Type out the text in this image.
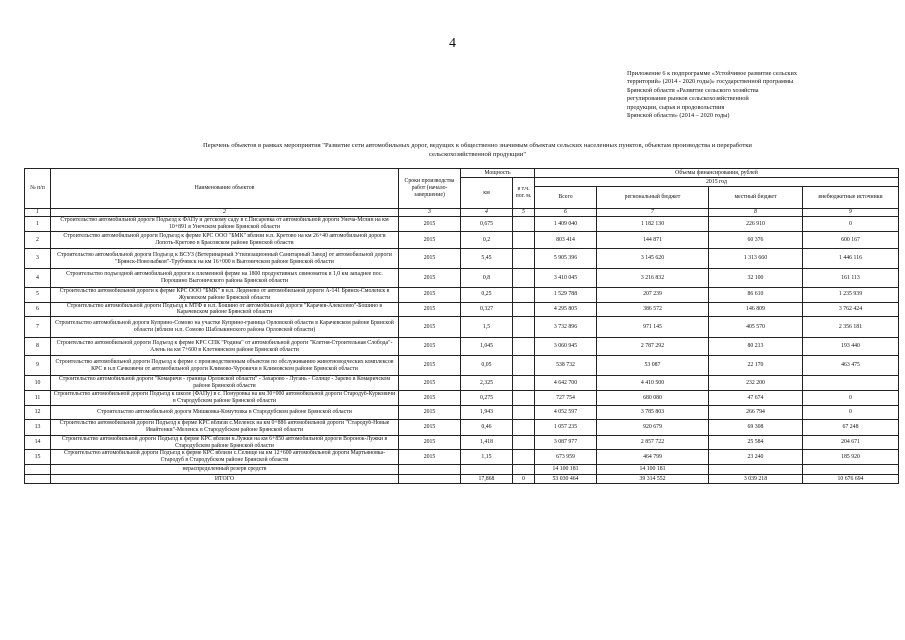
4
Приложение 6 к подпрограмме «Устойчивое развитие сельских
территорий» (2014 - 2020 годы)» государственной программы
Брянской области «Развитие сельского хозяйства
регулирование рынков сельскохозяйственной
продукции, сырья и продовольствия
Брянской области» (2014 – 2020 годы)
Перечень объектов в рамках мероприятия "Развитие сети автомобильных дорог, ведущих к общественно значимым объектам сельских населенных пунктов, объектам производства и переработки
сельскохозяйственной продукции"
№ п/п	Наименование объектов	Сроки производства работ (начало-завершение)	Мощность		Объемы финансирования, рублей			
			км	в т.ч. пог. м.	2015 год			
					Всего	региональный бюджет	местный бюджет	внебюджетные источники
1	2	3	4	5	6	7	8	9
1	Строительство автомобильной дороги Подъезд к ФАПу и детскому саду в с.Писаревка от автомобильной дороги Унеча-Мглин на км 10+891 в Унечском районе Брянской области	2015	0,675		1 409 040	1 182 130	226 910	0
2	Строительство автомобильной дороги Подъезд к ферме КРС ООО "БМК" вблизи н.п. Кретово на км 26+40 автомобильной дороги Лопоть-Кретово в Брасовском районе Брянской области	2015	0,2		803 414	144 871	60 376	600 167
3	Строительство автомобильной дороги Подъезд к ВСУЗ (Ветеринарный Утилизационный Санитарный Завод) от автомобильной дороги "Брянск-Новозыбков"-Трубчевск на км 16+000 в Выгоничском районе Брянской области	2015	5,45		5 905 396	3 145 620	1 313 660	1 446 116
4	Строительство подъездной автомобильной дороги к племенной ферме на 1800 продуктивных свиноматок в 1,0 км западнее пос. Порошино Выгоничского района Брянской области	2015	0,8		3 410 045	3 216 832	32 100	161 113
5	Строительство автомобильной дороги к ферме КРС ООО "БМК" в н.п. Леденево от автомобильной дороги А-141 Брянск-Смоленск в Жуковском районе Брянской области	2015	0,25		1 529 788	207 239	86 610	1 235 939
6	Строительство автомобильной дороги Подъезд к МТФ в н.п. Бошино от автомобильной дороги "Карачев-Алексеево"-Бошино в Карачевском районе Брянской области	2015	0,327		4 295 805	386 572	146 809	3 762 424
7	Строительство автомобильной дороги Куприно-Сомово на участке Куприно-граница Орловской области в Карачевском районе Брянской области (вблизи н.п. Сомово Шаблыкинского района Орловской области)	2015	1,5		3 732 896	971 145	405 570	2 356 181
8	Строительство автомобильной дороги Подъезд к ферме КРС СПК "Родина" от автомобильной дороги "Клетня-Строительная Слобода"-Алень на км 7+600 в Клетнянском районе Брянской области	2015	1,045		3 060 945	2 787 292	80 213	193 440
9	Строительство автомобильной дороги Подъезд к ферме с производственным объектом по обслуживанию животноводческих комплексов КРС в н.п Сачковичи от автомобильной дороги Климово-Чуровичи в Климовском районе Брянской области	2015	0,05		538 732	53 087	22 170	463 475
10	Строительство автомобильной дороги "Комаричи - граница Орловской области" - Захарово - Лугань - Солнце - Зарево в Комаричском районе Брянской области	2015	2,325		4 642 700	4 410 500	232 200	
11	Строительство автомобильной дороги Подъезд к школе (ФАПу) в с. Понуровка на км 30+000 автомобильной дороги Стародуб-Курковичи в Стародубском районе Брянской области	2015	0,275		727 754	680 080	47 674	0
12	Строительство автомобильной дороги Мишковка-Комутовка в Стародубском районе Брянской области	2015	1,943		4 052 597	3 785 803	266 794	0
13	Строительство автомобильной дороги Подъезд к ферме КРС вблизи с.Меленск на км 0+886 автомобильной дороги "Стародуб-Новые Ивайтенки"-Меленск в Стародубском районе Брянской области	2015	0,46		1 057 235	920 679	69 308	67 248
14	Строительство автомобильной дороги Подъезд к ферме КРС вблизи н.Лужки на км 6+850 автомобильной дороги Воронок-Лужки в Стародубском районе Брянской области	2015	1,418		3 087 977	2 857 722	25 584	204 671
15	Строительство автомобильной дороги Подъезд к ферме КРС вблизи с.Селище на км 12+600 автомобильной дороги Мартьяновка-Стародуб в Стародубском районе Брянской области	2015	1,15		673 959	464 799	23 240	185 920
	нераспределенный резерв средств				14 100 181	14 100 181		
	ИТОГО		17,868	0	53 030 464	39 314 552	3 039 218	10 676 694
